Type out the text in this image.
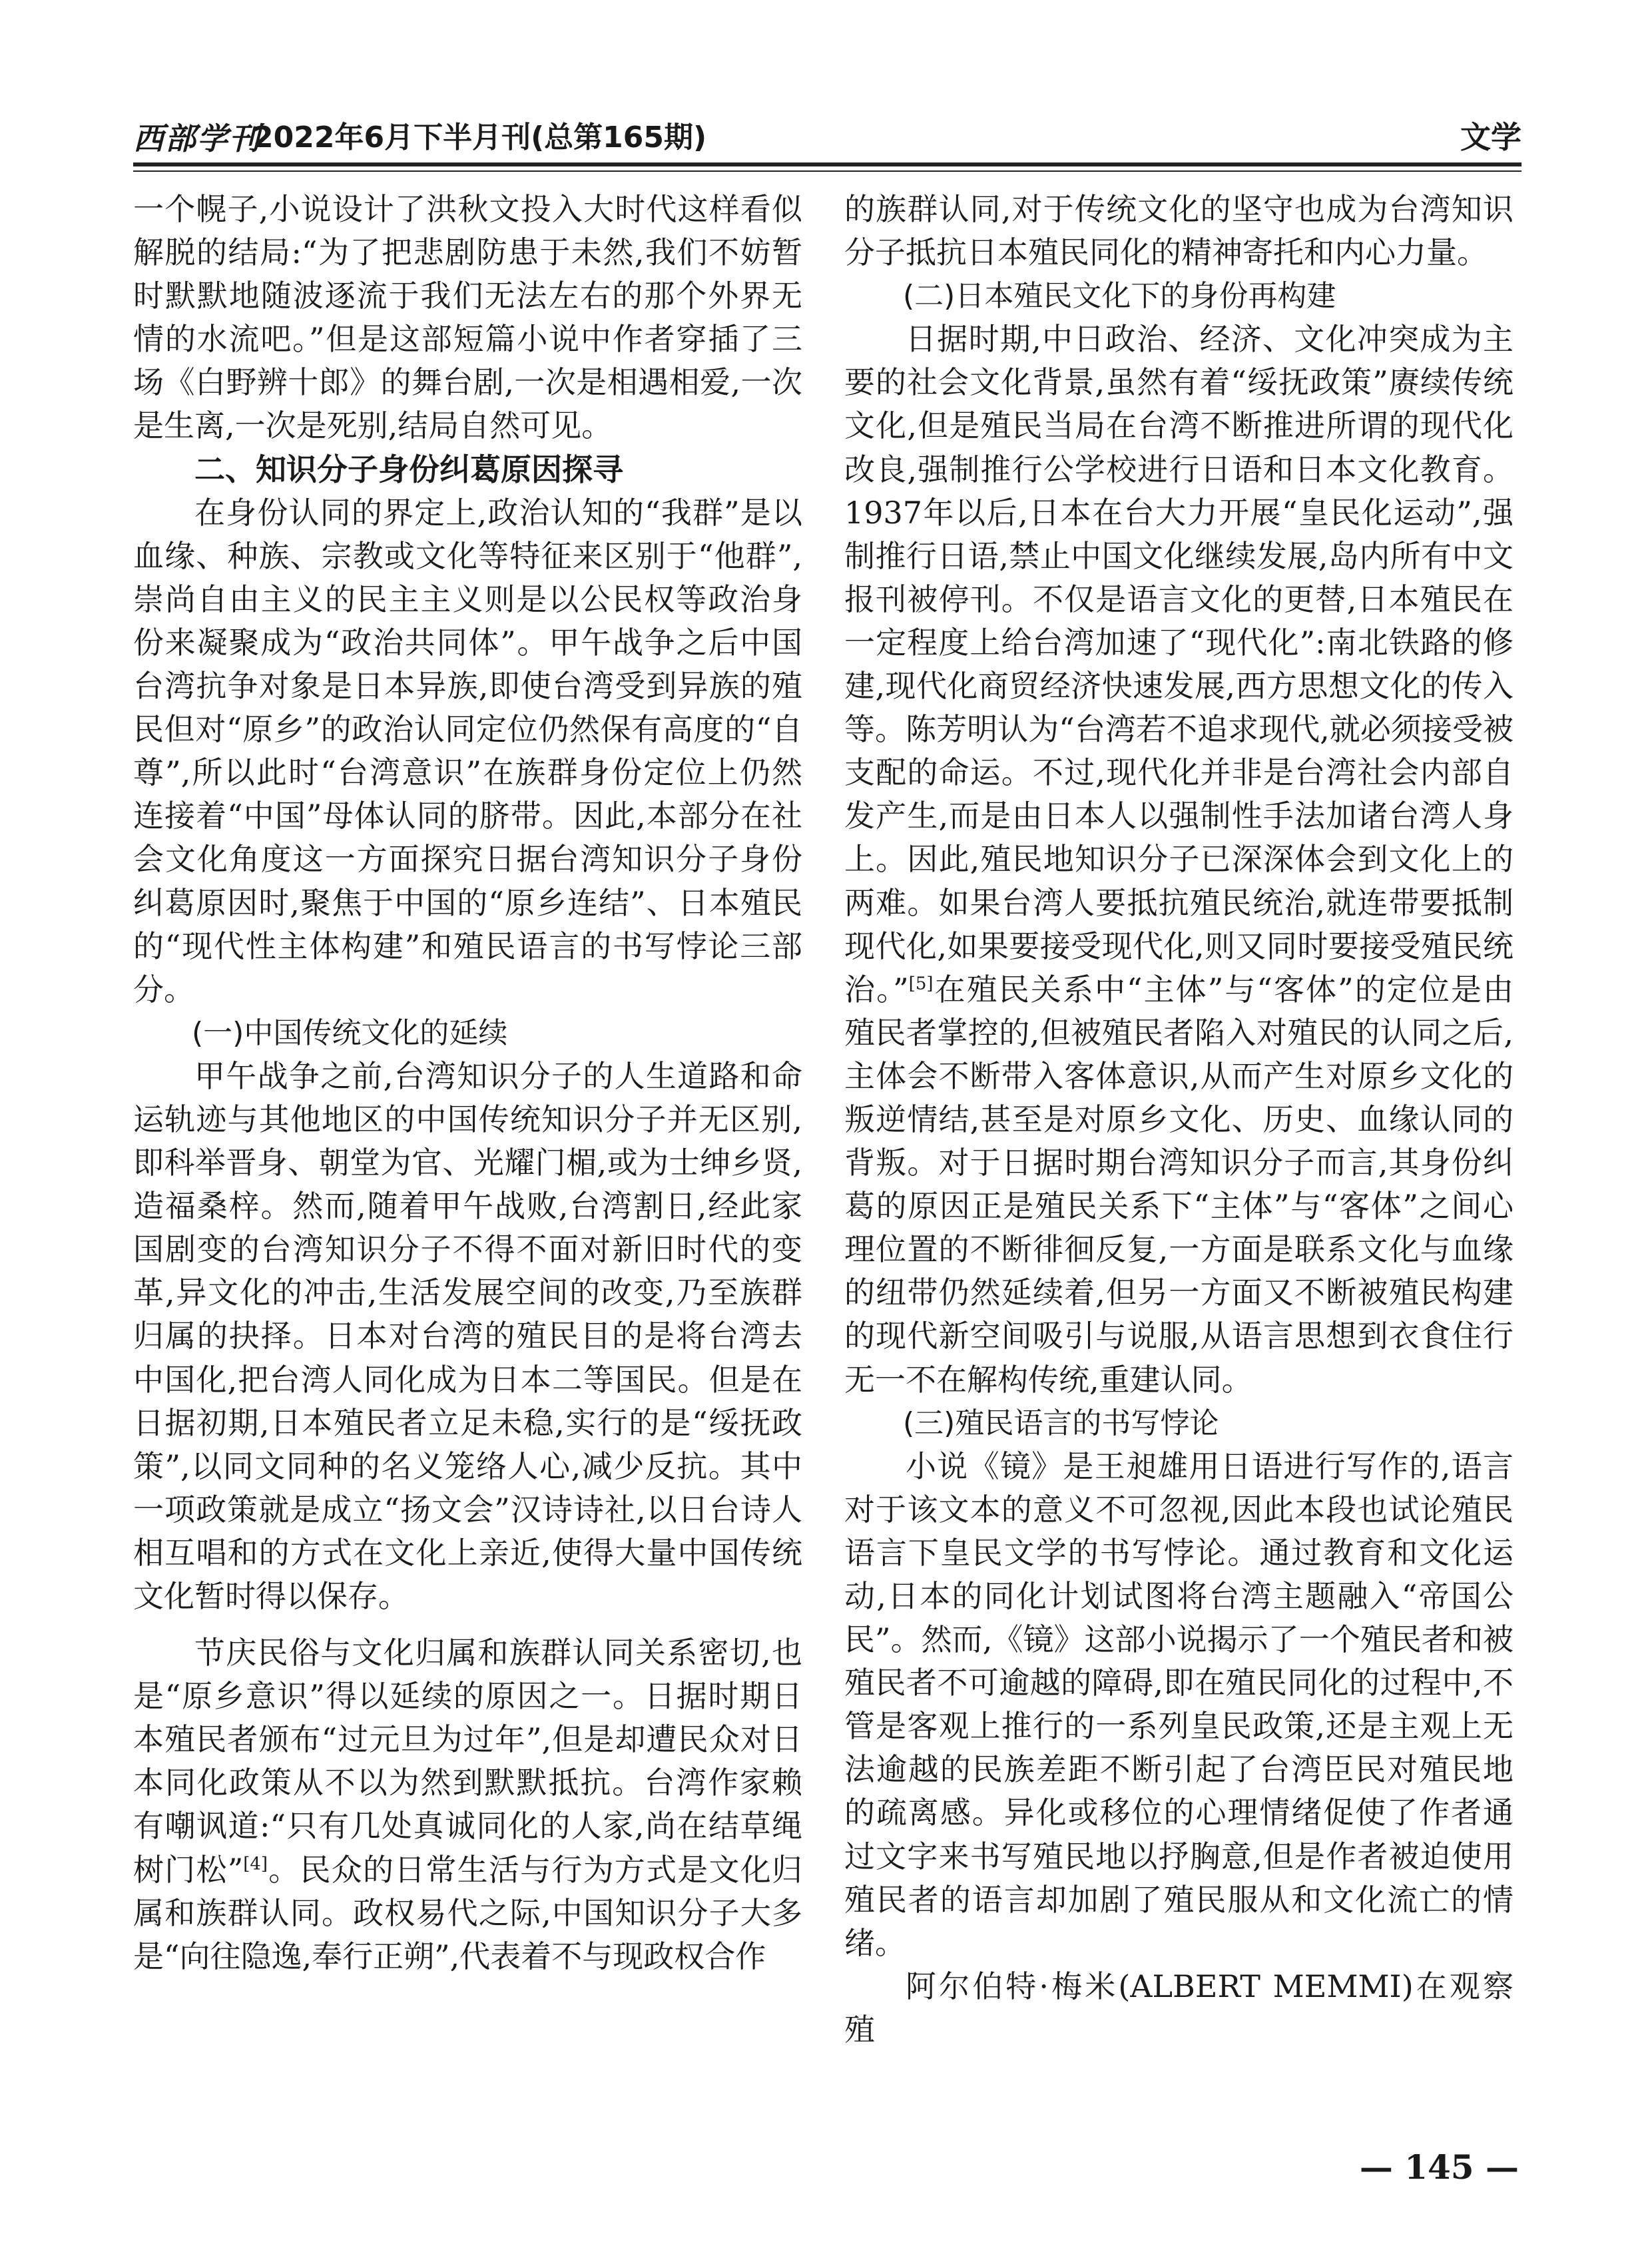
西部学刊
2022年6月下半月刊(总第165期)	文学

一个幌子,小说设计了洪秋文投入大时代这样看似解脱的结局:“为了把悲剧防患于未然,我们不妨暂时默默地随波逐流于我们无法左右的那个外界无情的水流吧。”但是这部短篇小说中作者穿插了三场《白野辨十郎》的舞台剧,一次是相遇相爱,一次是生离,一次是死别,结局自然可见。

二、知识分子身份纠葛原因探寻

在身份认同的界定上,政治认知的“我群”是以血缘、种族、宗教或文化等特征来区别于“他群”,崇尚自由主义的民主主义则是以公民权等政治身份来凝聚成为“政治共同体”。甲午战争之后中国台湾抗争对象是日本异族,即使台湾受到异族的殖民但对“原乡”的政治认同定位仍然保有高度的“自尊”,所以此时“台湾意识”在族群身份定位上仍然连接着“中国”母体认同的脐带。因此,本部分在社会文化角度这一方面探究日据台湾知识分子身份纠葛原因时,聚焦于中国的“原乡连结”、日本殖民的“现代性主体构建”和殖民语言的书写悖论三部分。

(一)中国传统文化的延续

甲午战争之前,台湾知识分子的人生道路和命运轨迹与其他地区的中国传统知识分子并无区别,即科举晋身、朝堂为官、光耀门楣,或为士绅乡贤,造福桑梓。然而,随着甲午战败,台湾割日,经此家国剧变的台湾知识分子不得不面对新旧时代的变革,异文化的冲击,生活发展空间的改变,乃至族群归属的抉择。日本对台湾的殖民目的是将台湾去中国化,把台湾人同化成为日本二等国民。但是在日据初期,日本殖民者立足未稳,实行的是“绥抚政策”,以同文同种的名义笼络人心,减少反抗。其中一项政策就是成立“扬文会”汉诗诗社,以日台诗人相互唱和的方式在文化上亲近,使得大量中国传统文化暂时得以保存。

节庆民俗与文化归属和族群认同关系密切,也是“原乡意识”得以延续的原因之一。日据时期日本殖民者颁布“过元旦为过年”,但是却遭民众对日本同化政策从不以为然到默默抵抗。台湾作家赖有嘲讽道:“只有几处真诚同化的人家,尚在结草绳树门松”[4]。民众的日常生活与行为方式是文化归属和族群认同。政权易代之际,中国知识分子大多是“向往隐逸,奉行正朔”,代表着不与现政权合作

的族群认同,对于传统文化的坚守也成为台湾知识分子抵抗日本殖民同化的精神寄托和内心力量。

(二)日本殖民文化下的身份再构建

日据时期,中日政治、经济、文化冲突成为主要的社会文化背景,虽然有着“绥抚政策”赓续传统文化,但是殖民当局在台湾不断推进所谓的现代化改良,强制推行公学校进行日语和日本文化教育。1937年以后,日本在台大力开展“皇民化运动”,强制推行日语,禁止中国文化继续发展,岛内所有中文报刊被停刊。不仅是语言文化的更替,日本殖民在一定程度上给台湾加速了“现代化”:南北铁路的修建,现代化商贸经济快速发展,西方思想文化的传入等。陈芳明认为“台湾若不追求现代,就必须接受被支配的命运。不过,现代化并非是台湾社会内部自发产生,而是由日本人以强制性手法加诸台湾人身上。因此,殖民地知识分子已深深体会到文化上的两难。如果台湾人要抵抗殖民统治,就连带要抵制现代化,如果要接受现代化,则又同时要接受殖民统治。”[5]在殖民关系中“主体”与“客体”的定位是由殖民者掌控的,但被殖民者陷入对殖民的认同之后,主体会不断带入客体意识,从而产生对原乡文化的叛逆情结,甚至是对原乡文化、历史、血缘认同的背叛。对于日据时期台湾知识分子而言,其身份纠葛的原因正是殖民关系下“主体”与“客体”之间心理位置的不断徘徊反复,一方面是联系文化与血缘的纽带仍然延续着,但另一方面又不断被殖民构建的现代新空间吸引与说服,从语言思想到衣食住行无一不在解构传统,重建认同。

(三)殖民语言的书写悖论

小说《镜》是王昶雄用日语进行写作的,语言对于该文本的意义不可忽视,因此本段也试论殖民语言下皇民文学的书写悖论。通过教育和文化运动,日本的同化计划试图将台湾主题融入“帝国公民”。然而,《镜》这部小说揭示了一个殖民者和被殖民者不可逾越的障碍,即在殖民同化的过程中,不管是客观上推行的一系列皇民政策,还是主观上无法逾越的民族差距不断引起了台湾臣民对殖民地的疏离感。异化或移位的心理情绪促使了作者通过文字来书写殖民地以抒胸意,但是作者被迫使用殖民者的语言却加剧了殖民服从和文化流亡的情绪。

阿尔伯特·梅米(ALBERT MEMMI)在观察殖

— 145 —
